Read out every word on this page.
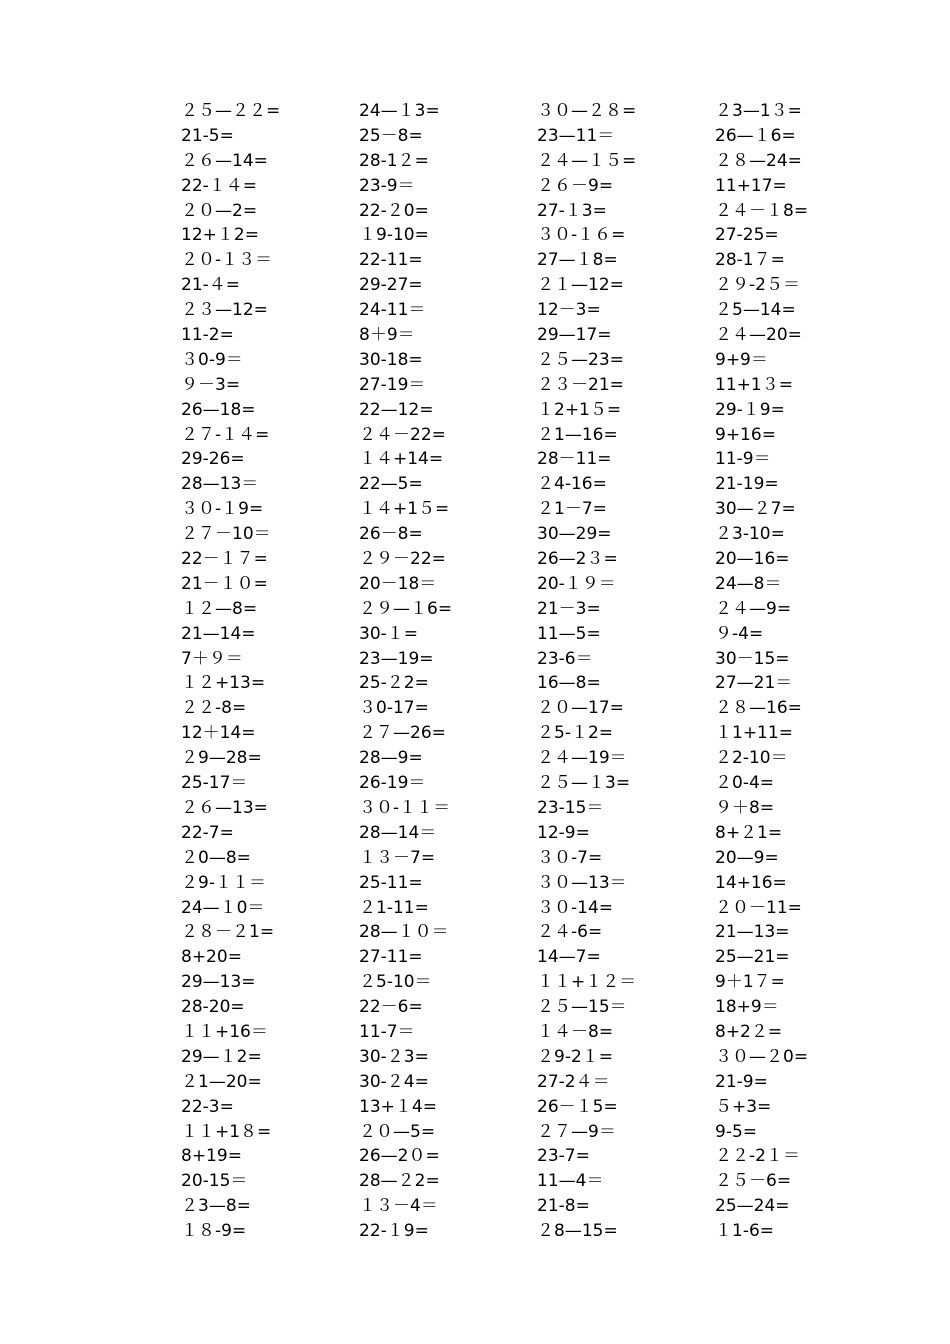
２５—２２=
21-5=
２６—14=
22-１４=
２０—2=
12+１2=
２０-１３＝
21-４=
２３—12=
11-2=
３0-9＝
９－3=
26—18=
２７-１４=
29-26=
28—13＝
３０-１9=
２７－10＝
22－１７=
21－１０=
１２—8=
21—14=
7＋９＝
１２+13=
２２-8=
12＋14=
２9—28=
25-17＝
２６—13=
22-7=
２0—8=
２9-１１＝
24—１0＝
２８－２1=
8+20=
29—13=
28-20=
１１+16＝
29—１2=
２1—20=
22-3=
１１+1８=
8+19=
20-15＝
２3—8=
１８-9=
24—１3=
25－8=
28-1２=
23-9＝
22-２0=
１9-10=
22-11=
29-27=
24-11＝
8＋9＝
30-18=
27-19＝
22—12=
２４－22=
１４+14=
22—5=
１４+1５=
26－8=
２９－22=
20－18＝
２９—１6=
30-１=
23—19=
25-２2=
３0-17=
２７—26=
28—9=
26-19＝
３０-１１＝
28—14＝
１３－7=
25-11=
２1-11=
28—１０＝
27-11=
２5-10＝
22－6=
11-7＝
30-２3=
30-２4=
13+１4=
２０—5=
26—2０=
28—２2=
１３－4＝
22-１9=
３０—２８=
23—11＝
２４—１５=
２６－9=
27-１3=
３０-１６=
27—１8=
２１—12=
12－3=
29—17=
２５—23=
２３－21=
１2+1５=
２1—16=
28－11=
２4-16=
２1－7=
30—29=
26—2３=
20-１９＝
21－3=
11—5=
23-6＝
16—8=
２０—17=
２5-１2=
２４—19＝
２５—１3=
23-15＝
12-9=
３０-7=
３０—13＝
３０-14=
２４-6=
14—7=
１１+１２＝
２５—15＝
１４－8=
２9-2１=
27-2４＝
26－１5=
２７—9＝
23-7=
11—4＝
21-8=
２8—15=
２3—1３=
26—１6=
２８—24=
11+17=
２４－１8=
27-25=
28-1７=
２９-2５＝
２5—14=
２４—20=
9+9＝
11+1３=
29-１9=
9+16=
11-9＝
21-19=
30—２7=
２3-10=
20—16=
24—8＝
２４—9=
９-4=
30－15=
27—21＝
２８—16=
１1+11=
２2-10＝
２0-4=
９＋8=
8+２1=
20—9=
14+16=
２０－11=
21—13=
25—21=
9＋1７=
18+9＝
8+2２=
３０—２0=
21-9=
５+3=
9-5=
２２-2１＝
２５－6=
25—24=
１1-6=
